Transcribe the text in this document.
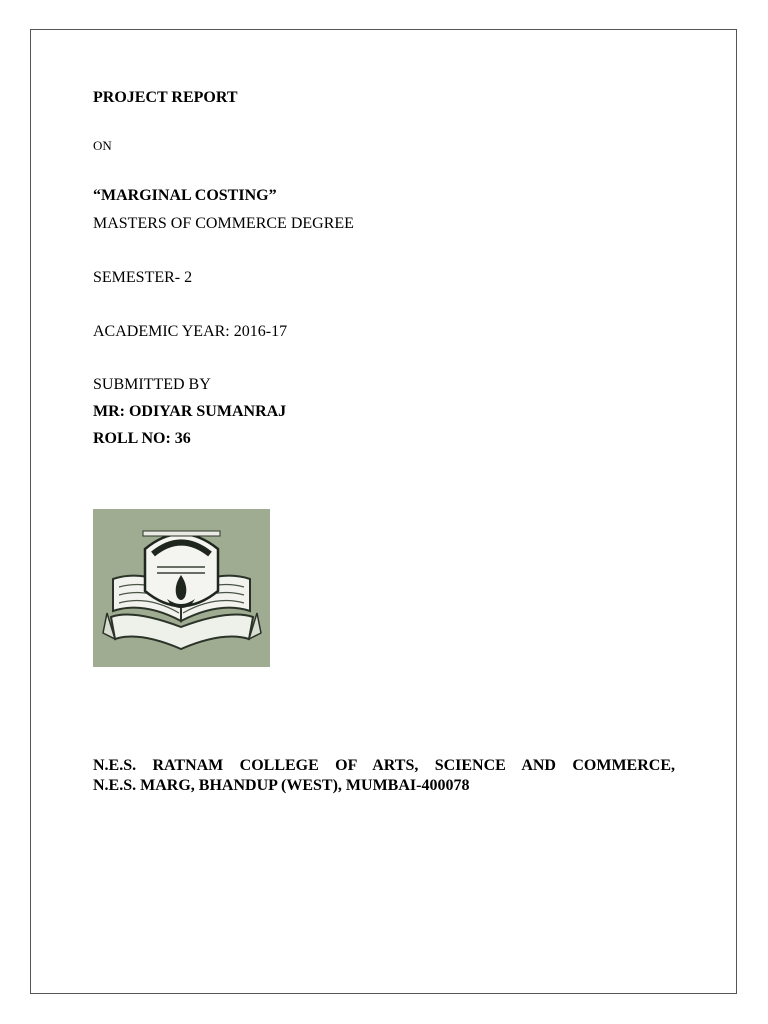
PROJECT REPORT
ON
“MARGINAL COSTING”
MASTERS OF COMMERCE DEGREE
SEMESTER- 2
ACADEMIC YEAR: 2016-17
SUBMITTED BY
MR: ODIYAR SUMANRAJ
ROLL NO: 36
N.E.S. RATNAM COLLEGE OF ARTS, SCIENCE AND COMMERCE,
N.E.S. MARG, BHANDUP (WEST), MUMBAI-400078
